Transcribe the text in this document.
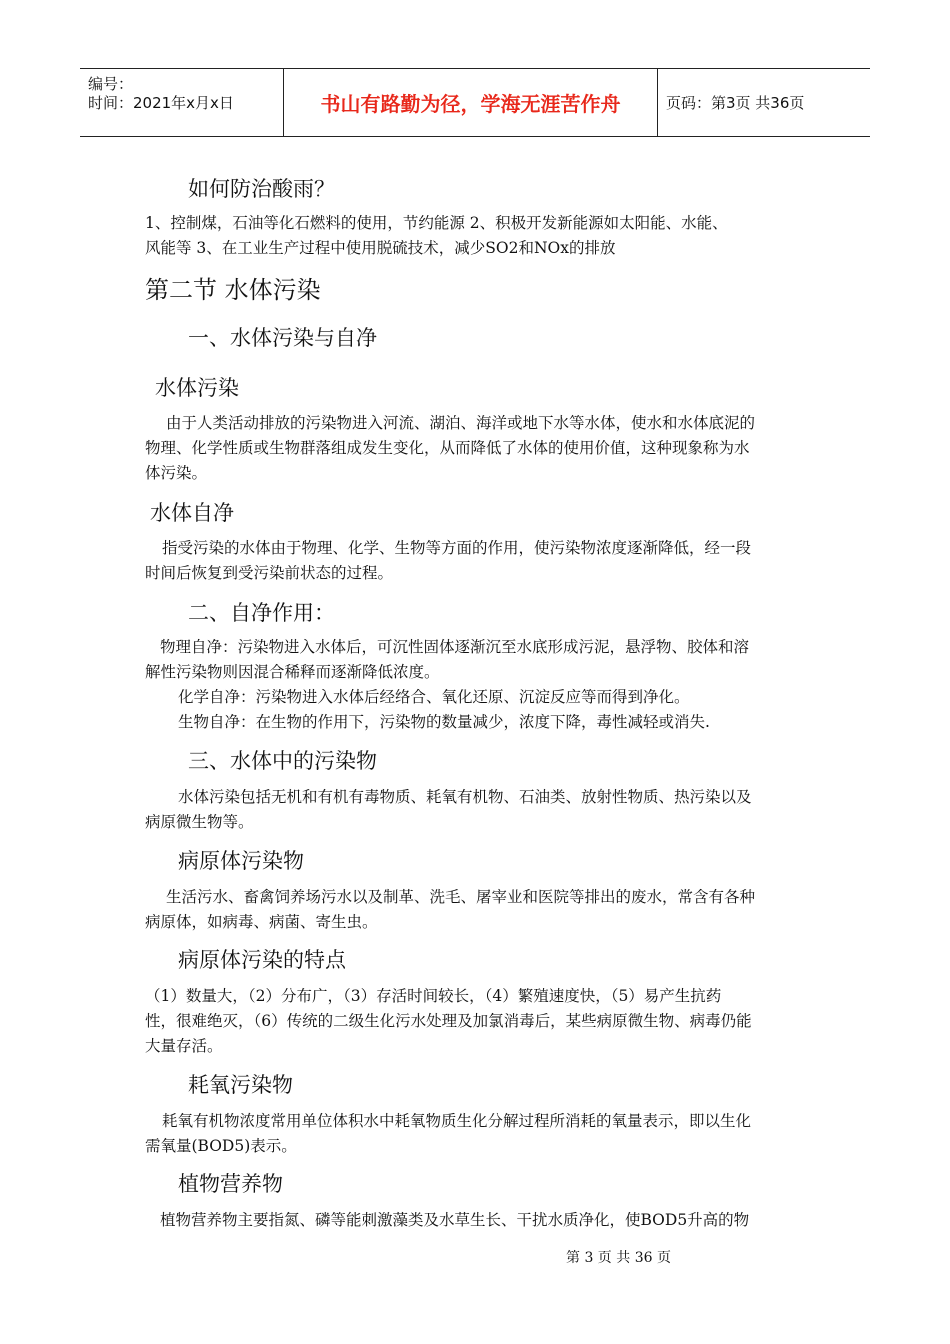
编号：
时间：2021年x月x日	书山有路勤为径，学海无涯苦作舟	页码：第3页 共36页
如何防治酸雨？
1、控制煤，石油等化石燃料的使用，节约能源 2、积极开发新能源如太阳能、水能、
风能等 3、在工业生产过程中使用脱硫技术，减少SO2和NOx的排放
第二节 水体污染
一、水体污染与自净
水体污染
由于人类活动排放的污染物进入河流、湖泊、海洋或地下水等水体，使水和水体底泥的
物理、化学性质或生物群落组成发生变化，从而降低了水体的使用价值，这种现象称为水
体污染。
水体自净
指受污染的水体由于物理、化学、生物等方面的作用，使污染物浓度逐渐降低，经一段
时间后恢复到受污染前状态的过程。
二、自净作用：
物理自净：污染物进入水体后，可沉性固体逐渐沉至水底形成污泥，悬浮物、胶体和溶
解性污染物则因混合稀释而逐渐降低浓度。
化学自净：污染物进入水体后经络合、氧化还原、沉淀反应等而得到净化。
生物自净：在生物的作用下，污染物的数量减少，浓度下降，毒性减轻或消失.
三、水体中的污染物
水体污染包括无机和有机有毒物质、耗氧有机物、石油类、放射性物质、热污染以及
病原微生物等。
病原体污染物
生活污水、畜禽饲养场污水以及制革、洗毛、屠宰业和医院等排出的废水，常含有各种
病原体，如病毒、病菌、寄生虫。
病原体污染的特点
（1）数量大，（2）分布广，（3）存活时间较长，（4）繁殖速度快，（5）易产生抗药
性，很难绝灭，（6）传统的二级生化污水处理及加氯消毒后，某些病原微生物、病毒仍能
大量存活。
耗氧污染物
耗氧有机物浓度常用单位体积水中耗氧物质生化分解过程所消耗的氧量表示，即以生化
需氧量(BOD5)表示。
植物营养物
植物营养物主要指氮、磷等能刺激藻类及水草生长、干扰水质净化，使BOD5升高的物
第 3 页 共 36 页
